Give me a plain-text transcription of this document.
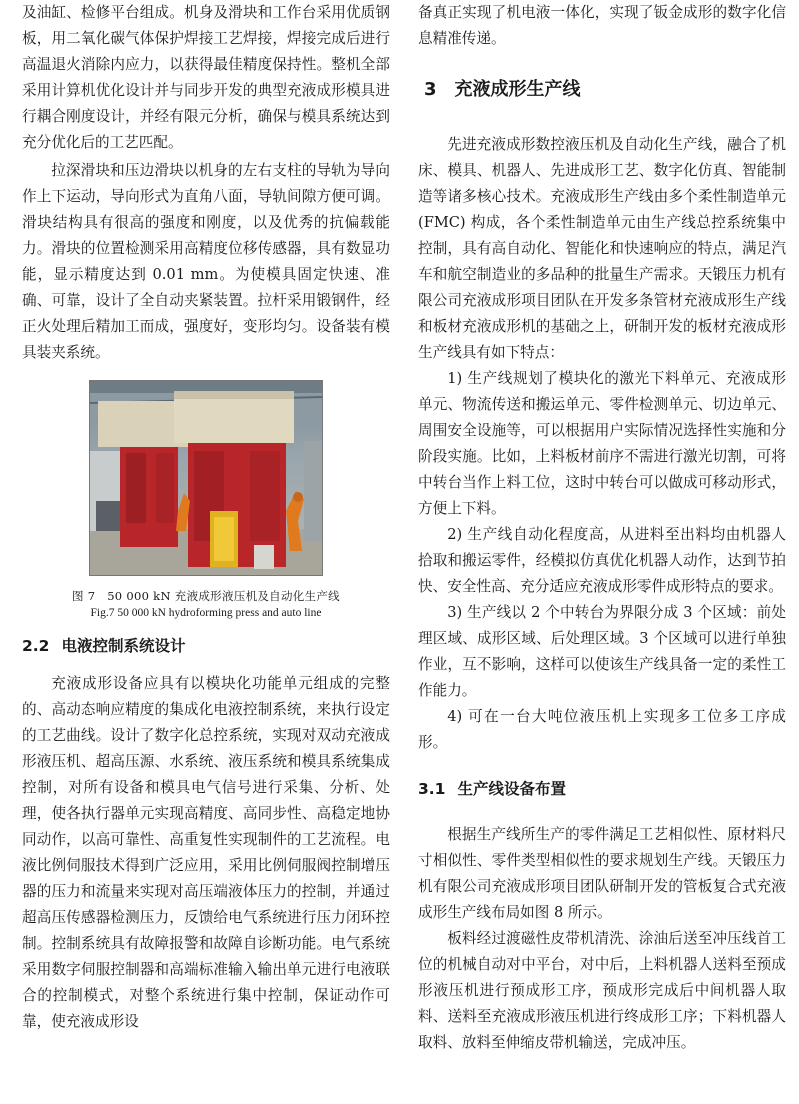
及油缸、检修平台组成。机身及滑块和工作台采用优质钢板，用二氧化碳气体保护焊接工艺焊接，焊接完成后进行高温退火消除内应力，以获得最佳精度保持性。整机全部采用计算机优化设计并与同步开发的典型充液成形模具进行耦合刚度设计，并经有限元分析，确保与模具系统达到充分优化后的工艺匹配。

拉深滑块和压边滑块以机身的左右支柱的导轨为导向作上下运动，导向形式为直角八面，导轨间隙方便可调。滑块结构具有很高的强度和刚度，以及优秀的抗偏载能力。滑块的位置检测采用高精度位移传感器，具有数显功能，显示精度达到 0.01 mm。为使模具固定快速、准确、可靠，设计了全自动夹紧装置。拉杆采用锻钢件，经正火处理后精加工而成，强度好，变形均匀。设备装有模具装夹系统。

图 7　50 000 kN 充液成形液压机及自动化生产线
Fig.7 50 000 kN hydroforming press and auto line
2.2 电液控制系统设计

充液成形设备应具有以模块化功能单元组成的完整的、高动态响应精度的集成化电液控制系统，来执行设定的工艺曲线。设计了数字化总控系统，实现对双动充液成形液压机、超高压源、水系统、液压系统和模具系统集成控制，对所有设备和模具电气信号进行采集、分析、处理，使各执行器单元实现高精度、高同步性、高稳定地协同动作，以高可靠性、高重复性实现制件的工艺流程。电液比例伺服技术得到广泛应用，采用比例伺服阀控制增压器的压力和流量来实现对高压端液体压力的控制，并通过超高压传感器检测压力，反馈给电气系统进行压力闭环控制。控制系统具有故障报警和故障自诊断功能。电气系统采用数字伺服控制器和高端标准输入输出单元进行电液联合的控制模式，对整个系统进行集中控制，保证动作可靠，使充液成形设

备真正实现了机电液一体化，实现了钣金成形的数字化信息精准传递。

3 充液成形生产线

先进充液成形数控液压机及自动化生产线，融合了机床、模具、机器人、先进成形工艺、数字化仿真、智能制造等诸多核心技术。充液成形生产线由多个柔性制造单元(FMC) 构成，各个柔性制造单元由生产线总控系统集中控制，具有高自动化、智能化和快速响应的特点，满足汽车和航空制造业的多品种的批量生产需求。天锻压力机有限公司充液成形项目团队在开发多条管材充液成形生产线和板材充液成形机的基础之上，研制开发的板材充液成形生产线具有如下特点：

1) 生产线规划了模块化的激光下料单元、充液成形单元、物流传送和搬运单元、零件检测单元、切边单元、周围安全设施等，可以根据用户实际情况选择性实施和分阶段实施。比如，上料板材前序不需进行激光切割，可将中转台当作上料工位，这时中转台可以做成可移动形式，方便上下料。

2) 生产线自动化程度高，从进料至出料均由机器人拾取和搬运零件，经模拟仿真优化机器人动作，达到节拍快、安全性高、充分适应充液成形零件成形特点的要求。

3) 生产线以 2 个中转台为界限分成 3 个区域：前处理区域、成形区域、后处理区域。3 个区域可以进行单独作业，互不影响，这样可以使该生产线具备一定的柔性工作能力。

4) 可在一台大吨位液压机上实现多工位多工序成形。

3.1 生产线设备布置

根据生产线所生产的零件满足工艺相似性、原材料尺寸相似性、零件类型相似性的要求规划生产线。天锻压力机有限公司充液成形项目团队研制开发的管板复合式充液成形生产线布局如图 8 所示。

板料经过渡磁性皮带机清洗、涂油后送至冲压线首工位的机械自动对中平台，对中后，上料机器人送料至预成形液压机进行预成形工序，预成形完成后中间机器人取料、送料至充液成形液压机进行终成形工序；下料机器人取料、放料至伸缩皮带机输送，完成冲压。
